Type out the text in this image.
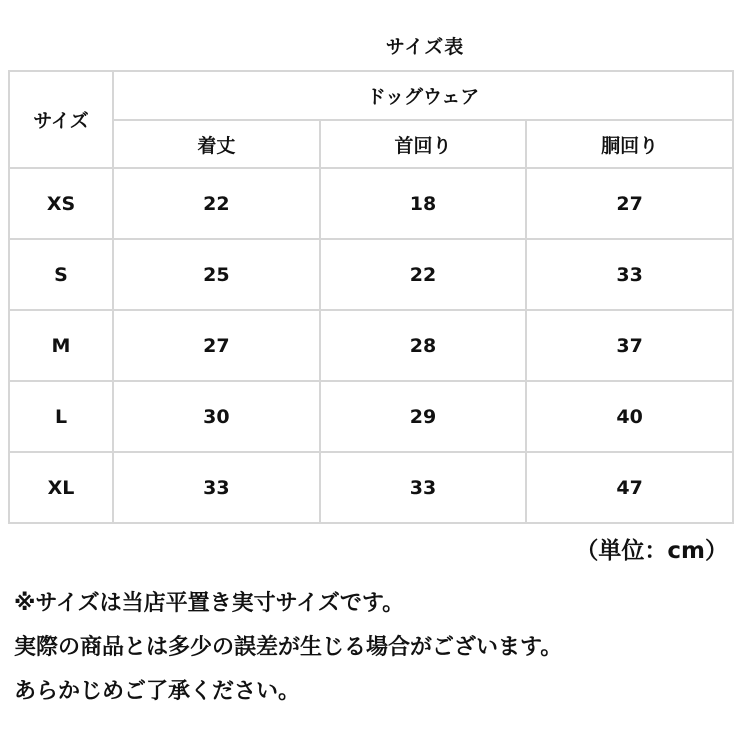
サイズ表
サイズ	ドッグウェア		
	着丈	首回り	胴回り
XS	22	18	27
S	25	22	33
M	27	28	37
L	30	29	40
XL	33	33	47
（単位：cm）
※サイズは当店平置き実寸サイズです。
実際の商品とは多少の誤差が生じる場合がございます。
あらかじめご了承ください。
